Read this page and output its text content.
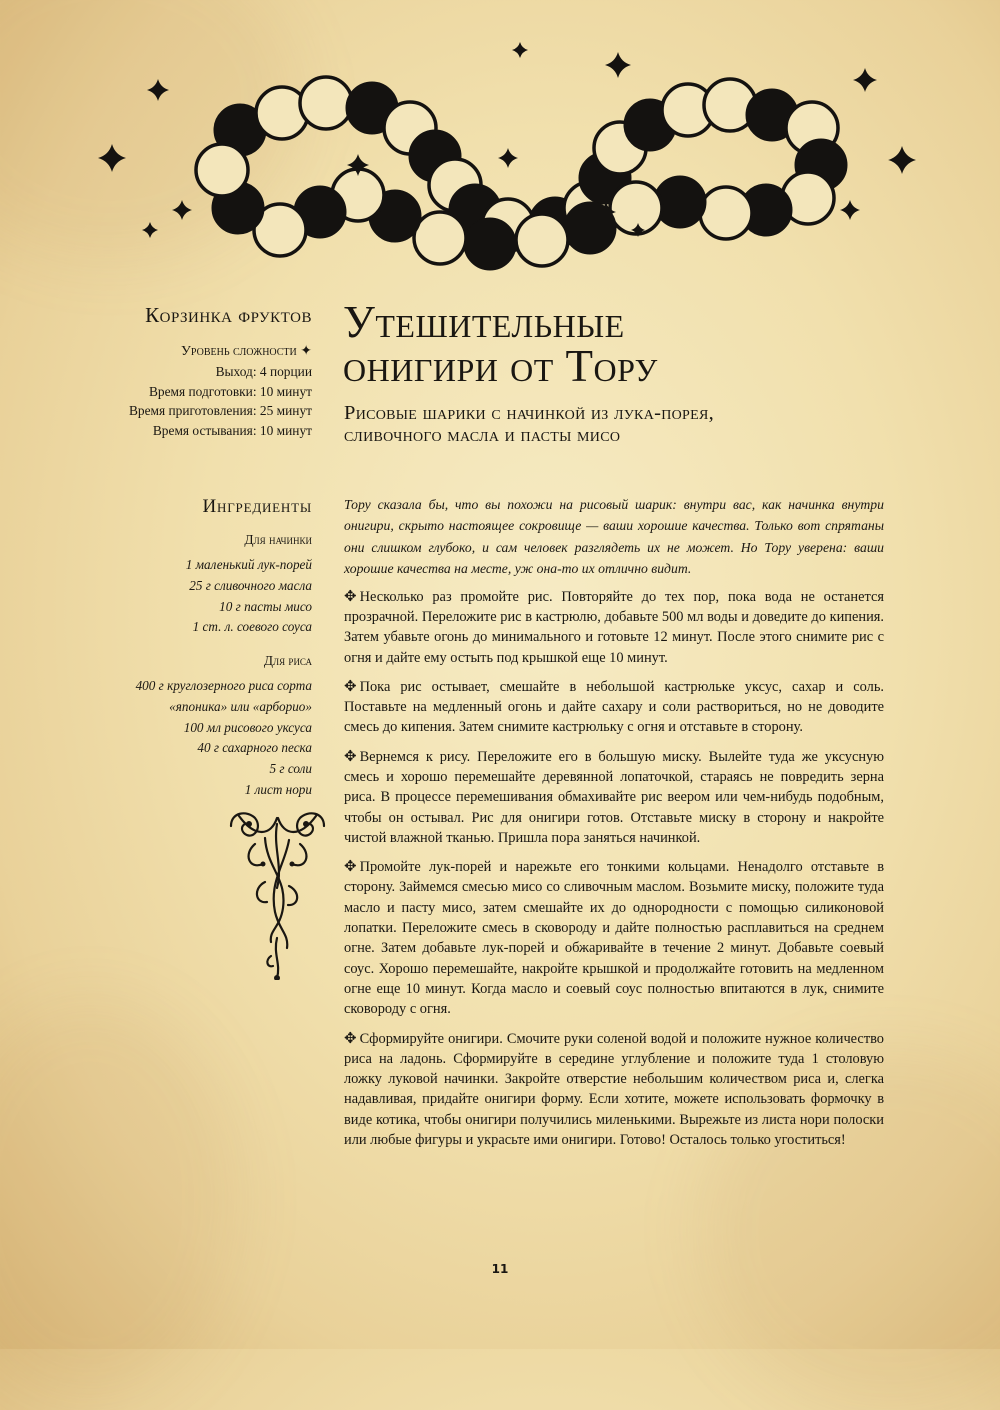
Корзинка фруктов
Уровень сложности ✦
Выход: 4 порции
Время подготовки: 10 минут
Время приготовления: 25 минут
Время остывания: 10 минут
Ингредиенты
Для начинки
1 маленький лук-порей
25 г сливочного масла
10 г пасты мисо
1 ст. л. соевого соуса
Для риса
400 г круглозерного риса сорта
«японика» или «арборио»
100 мл рисового уксуса
40 г сахарного песка
5 г соли
1 лист нори
Утешительные
онигири от Тору
Рисовые шарики с начинкой из лука-порея,
сливочного масла и пасты мисо

Тору сказала бы, что вы похожи на рисовый шарик: внутри вас, как начинка внутри онигири, скрыто настоящее сокровище — ваши хорошие качества. Только вот спрятаны они слишком глубоко, и сам человек разглядеть их не может. Но Тору уверена: ваши хорошие качества на месте, уж она-то их отлично видит.

✥ Несколько раз промойте рис. Повторяйте до тех пор, пока вода не останется прозрачной. Переложите рис в кастрюлю, добавьте 500 мл воды и доведите до кипения. Затем убавьте огонь до минимального и готовьте 12 минут. После этого снимите рис с огня и дайте ему остыть под крышкой еще 10 минут.

✥ Пока рис остывает, смешайте в небольшой кастрюльке уксус, сахар и соль. Поставьте на медленный огонь и дайте сахару и соли раствориться, но не доводите смесь до кипения. Затем снимите кастрюльку с огня и отставьте в сторону.

✥ Вернемся к рису. Переложите его в большую миску. Вылейте туда же уксусную смесь и хорошо перемешайте деревянной лопаточкой, стараясь не повредить зерна риса. В процессе перемешивания обмахивайте рис веером или чем-нибудь подобным, чтобы он остывал. Рис для онигири готов. Отставьте миску в сторону и накройте чистой влажной тканью. Пришла пора заняться начинкой.

✥ Промойте лук-порей и нарежьте его тонкими кольцами. Ненадолго отставьте в сторону. Займемся смесью мисо со сливочным маслом. Возьмите миску, положите туда масло и пасту мисо, затем смешайте их до однородности с помощью силиконовой лопатки. Переложите смесь в сковороду и дайте полностью расплавиться на среднем огне. Затем добавьте лук-порей и обжаривайте в течение 2 минут. Добавьте соевый соус. Хорошо перемешайте, накройте крышкой и продолжайте готовить на медленном огне еще 10 минут. Когда масло и соевый соус полностью впитаются в лук, снимите сковороду с огня.

✥ Сформируйте онигири. Смочите руки соленой водой и положите нужное количество риса на ладонь. Сформируйте в середине углубление и положите туда 1 столовую ложку луковой начинки. Закройте отверстие небольшим количеством риса и, слегка надавливая, придайте онигири форму. Если хотите, можете использовать формочку в виде котика, чтобы онигири получились миленькими. Вырежьте из листа нори полоски или любые фигуры и украсьте ими онигири. Готово! Осталось только угоститься!

11
